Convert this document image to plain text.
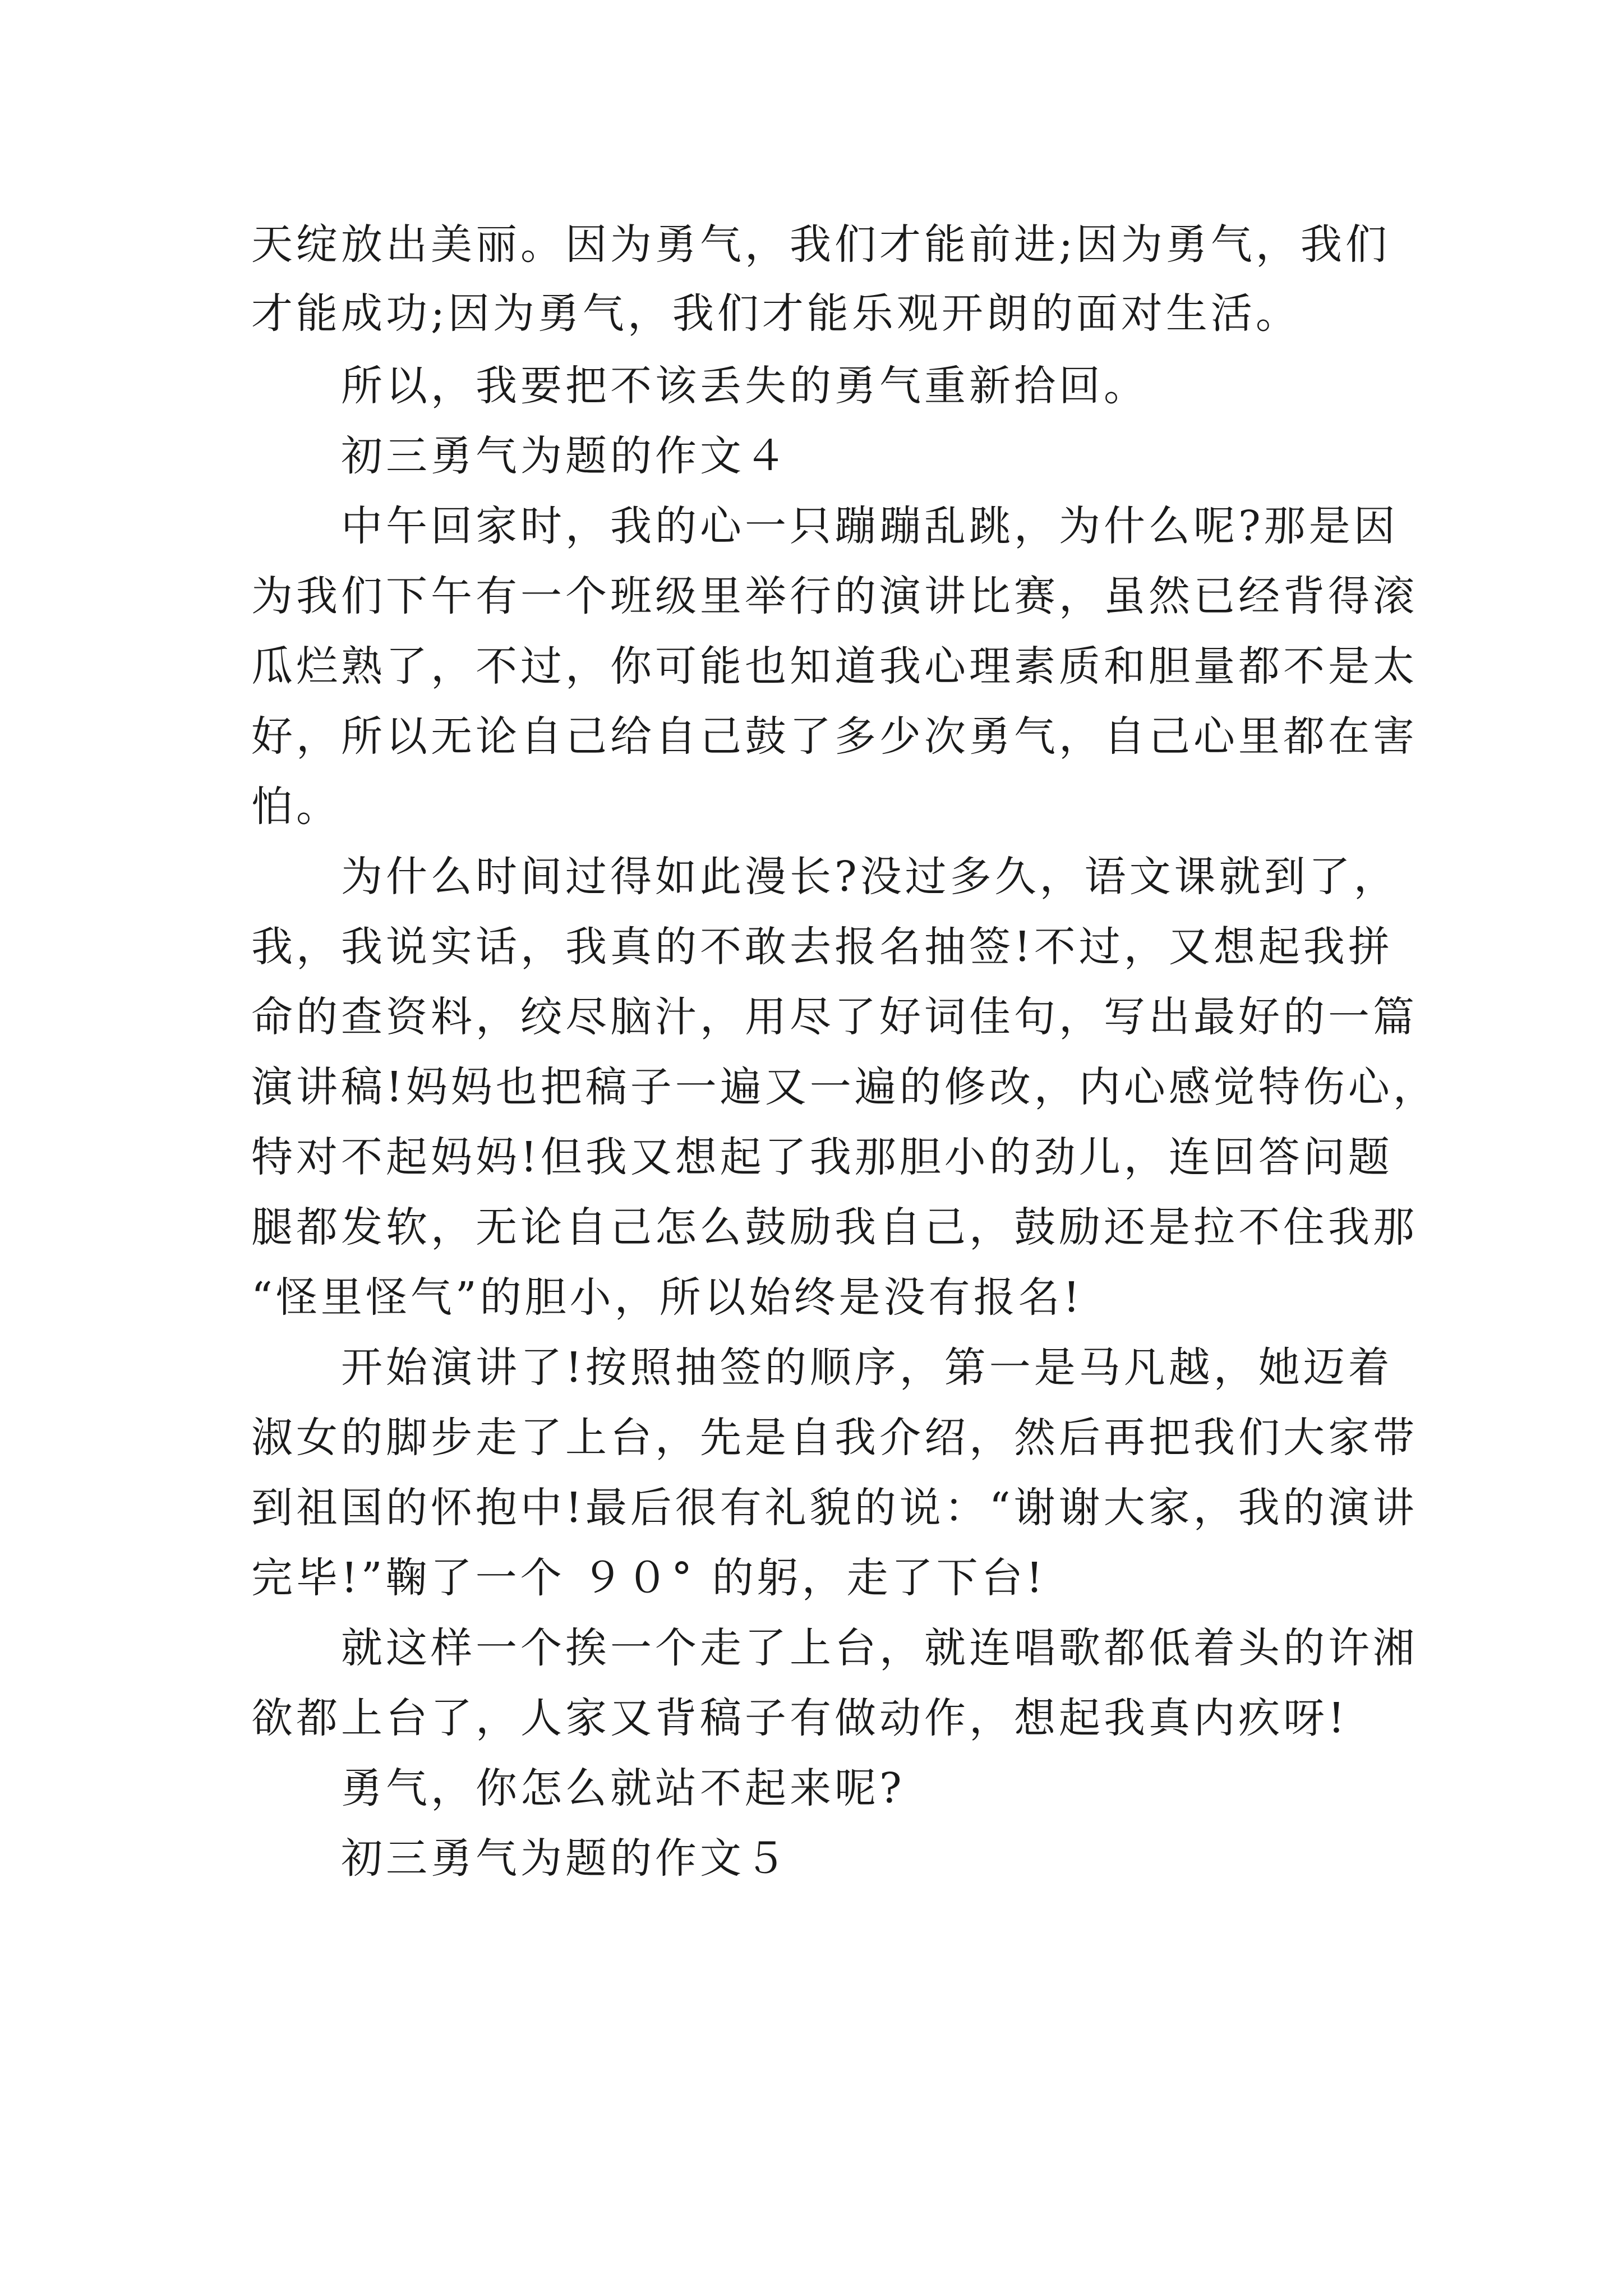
天绽放出美丽。因为勇气，我们才能前进;因为勇气，我们
才能成功;因为勇气，我们才能乐观开朗的面对生活。
　　所以，我要把不该丢失的勇气重新拾回。
　　初三勇气为题的作文４
　　中午回家时，我的心一只蹦蹦乱跳，为什么呢?那是因
为我们下午有一个班级里举行的演讲比赛，虽然已经背得滚
瓜烂熟了，不过，你可能也知道我心理素质和胆量都不是太
好，所以无论自己给自己鼓了多少次勇气，自己心里都在害
怕。
　　为什么时间过得如此漫长?没过多久，语文课就到了，
我，我说实话，我真的不敢去报名抽签!不过，又想起我拼
命的查资料，绞尽脑汁，用尽了好词佳句，写出最好的一篇
演讲稿!妈妈也把稿子一遍又一遍的修改，内心感觉特伤心，
特对不起妈妈!但我又想起了我那胆小的劲儿，连回答问题
腿都发软，无论自己怎么鼓励我自己，鼓励还是拉不住我那
“怪里怪气”的胆小，所以始终是没有报名!
　　开始演讲了!按照抽签的顺序，第一是马凡越，她迈着
淑女的脚步走了上台，先是自我介绍，然后再把我们大家带
到祖国的怀抱中!最后很有礼貌的说：“谢谢大家，我的演讲
完毕!”鞠了一个 ９０° 的躬，走了下台!
　　就这样一个挨一个走了上台，就连唱歌都低着头的许湘
欲都上台了，人家又背稿子有做动作，想起我真内疚呀!
　　勇气，你怎么就站不起来呢?
　　初三勇气为题的作文５
